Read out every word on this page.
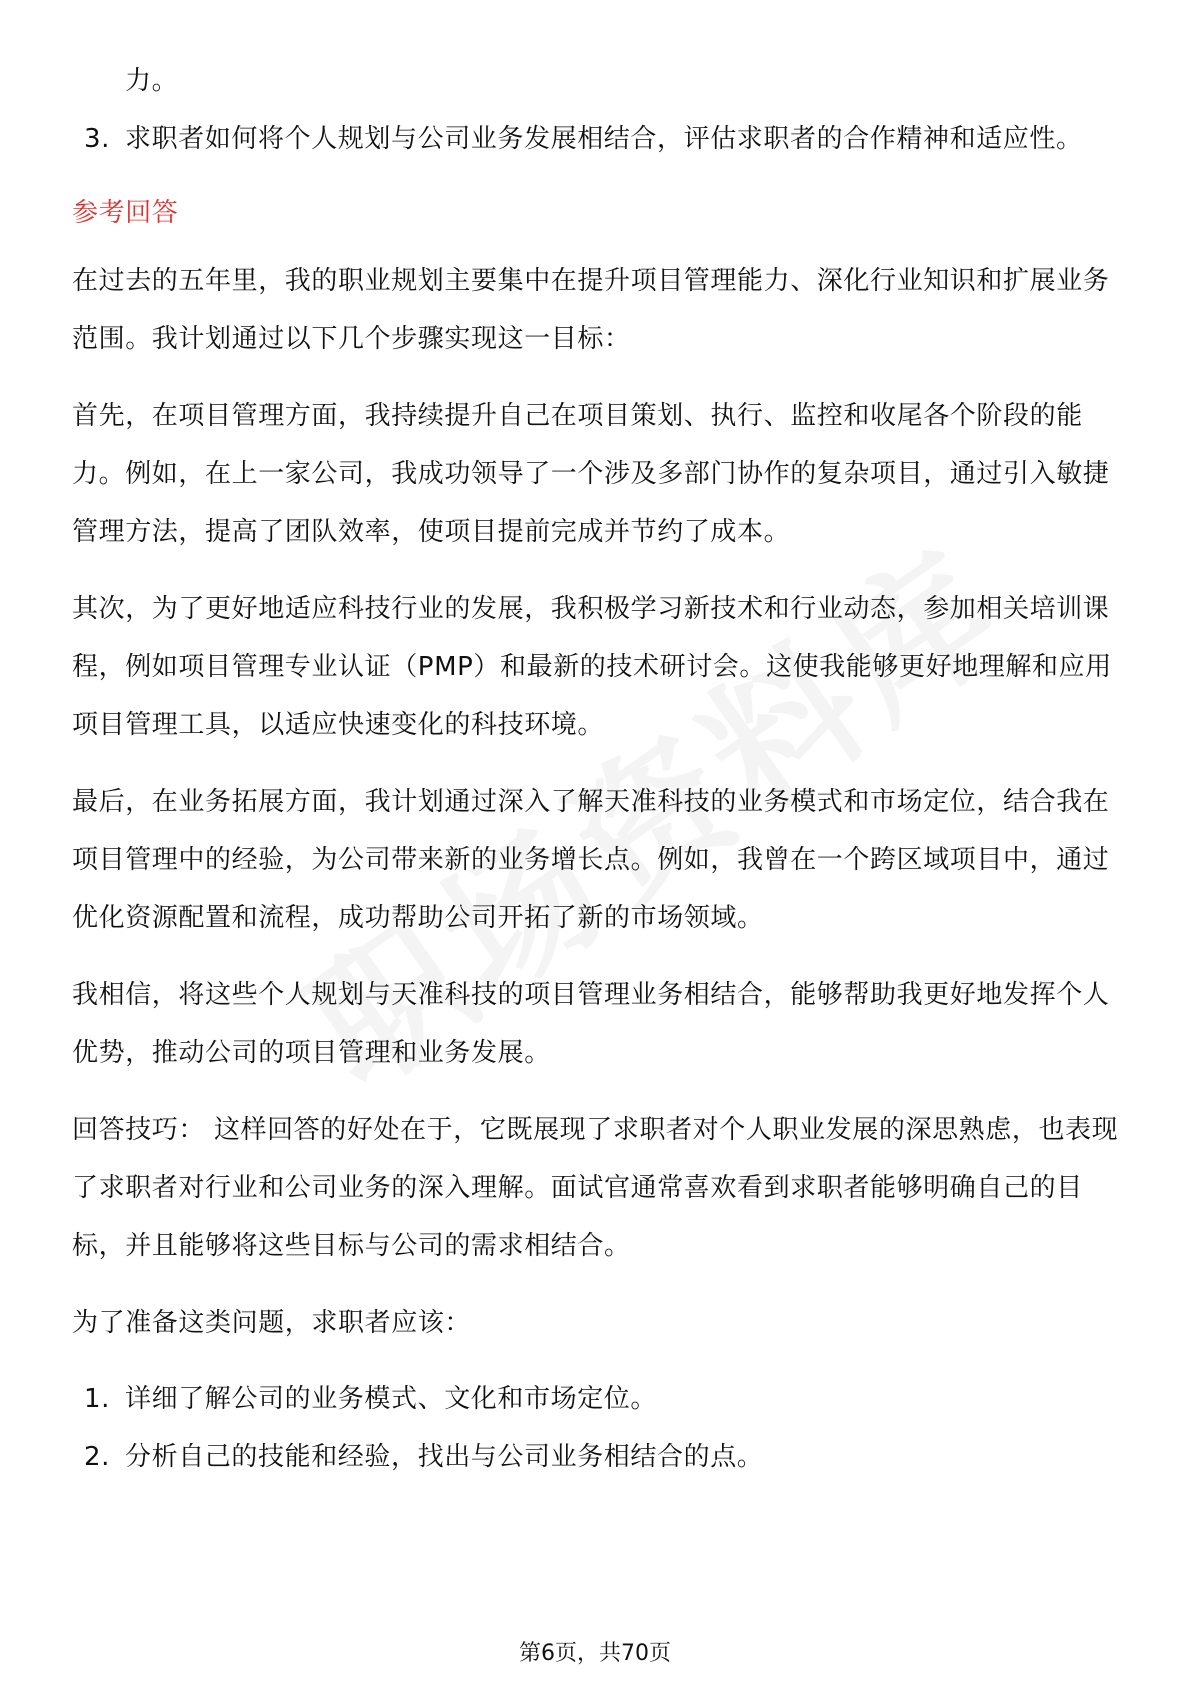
力。
3. 求职者如何将个人规划与公司业务发展相结合，评估求职者的合作精神和适应性。
参考回答
在过去的五年里，我的职业规划主要集中在提升项目管理能力、深化行业知识和扩展业务范围。我计划通过以下几个步骤实现这一目标：
首先，在项目管理方面，我持续提升自己在项目策划、执行、监控和收尾各个阶段的能力。例如，在上一家公司，我成功领导了一个涉及多部门协作的复杂项目，通过引入敏捷管理方法，提高了团队效率，使项目提前完成并节约了成本。
其次，为了更好地适应科技行业的发展，我积极学习新技术和行业动态，参加相关培训课程，例如项目管理专业认证（PMP）和最新的技术研讨会。这使我能够更好地理解和应用项目管理工具，以适应快速变化的科技环境。
最后，在业务拓展方面，我计划通过深入了解天准科技的业务模式和市场定位，结合我在项目管理中的经验，为公司带来新的业务增长点。例如，我曾在一个跨区域项目中，通过优化资源配置和流程，成功帮助公司开拓了新的市场领域。
我相信，将这些个人规划与天准科技的项目管理业务相结合，能够帮助我更好地发挥个人优势，推动公司的项目管理和业务发展。
回答技巧： 这样回答的好处在于，它既展现了求职者对个人职业发展的深思熟虑，也表现了求职者对行业和公司业务的深入理解。面试官通常喜欢看到求职者能够明确自己的目标，并且能够将这些目标与公司的需求相结合。
为了准备这类问题，求职者应该：
1. 详细了解公司的业务模式、文化和市场定位。
2. 分析自己的技能和经验，找出与公司业务相结合的点。
第6页，共70页
